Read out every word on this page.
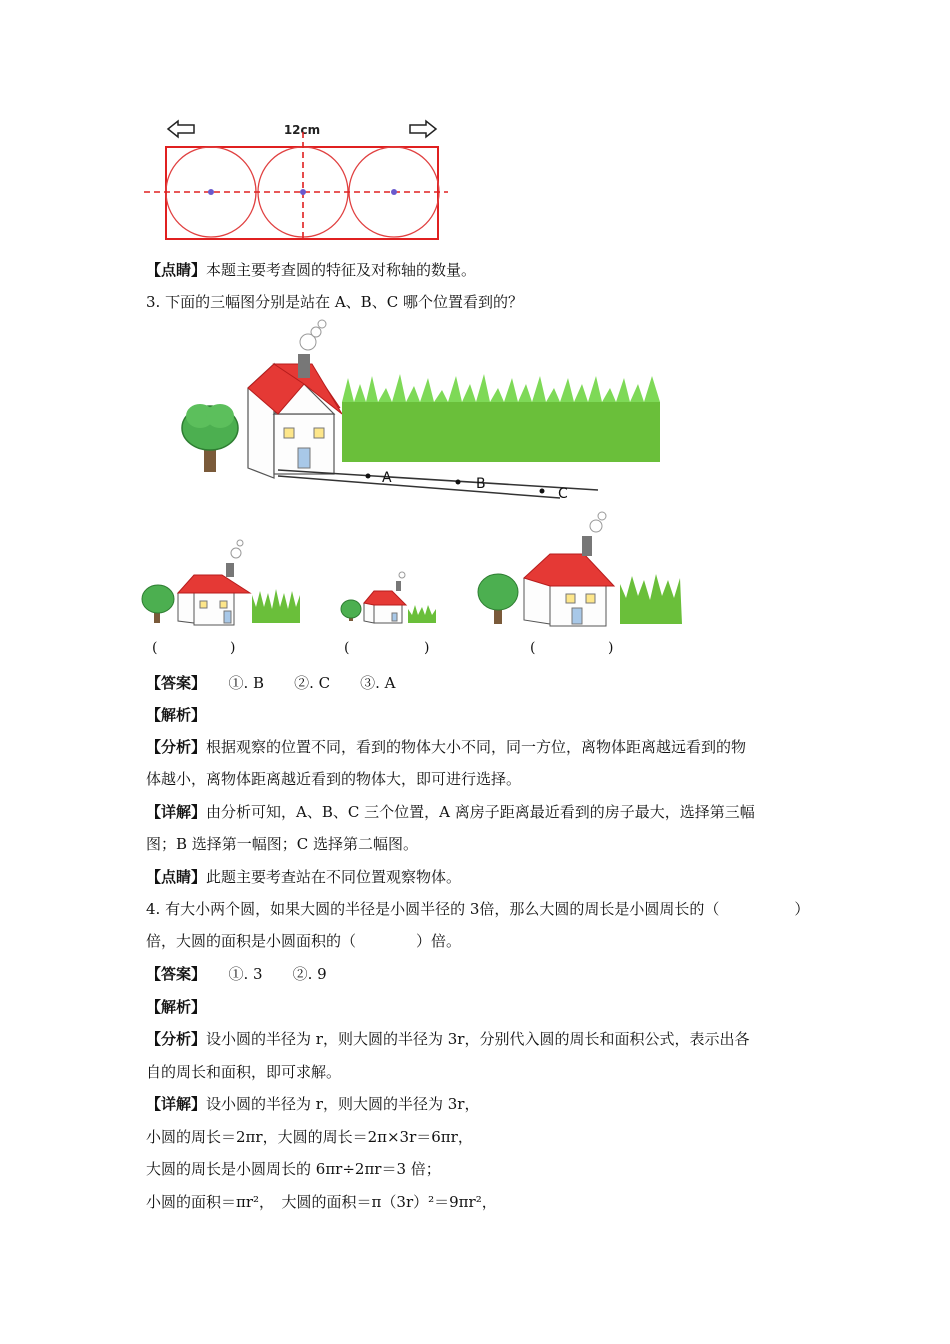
12cm
【点睛】本题主要考查圆的特征及对称轴的数量。
3. 下面的三幅图分别是站在 A、B、C 哪个位置看到的？
A	B
C
(	)	(	)	(	)
【答案】　　①. B　　②. C　　③. A
【解析】
【分析】根据观察的位置不同，看到的物体大小不同，同一方位，离物体距离越远看到的物
体越小，离物体距离越近看到的物体大，即可进行选择。
【详解】由分析可知，A、B、C 三个位置，A 离房子距离最近看到的房子最大，选择第三幅
图；B 选择第一幅图；C 选择第二幅图。
【点睛】此题主要考查站在不同位置观察物体。
4. 有大小两个圆，如果大圆的半径是小圆半径的 3倍，那么大圆的周长是小圆周长的（　　　　　）
倍，大圆的面积是小圆面积的（　　　　）倍。
【答案】　　①. 3　　②. 9
【解析】
【分析】设小圆的半径为 r，则大圆的半径为 3r，分别代入圆的周长和面积公式，表示出各
自的周长和面积，即可求解。
【详解】设小圆的半径为 r，则大圆的半径为 3r，
小圆的周长＝2πr，大圆的周长＝2π×3r＝6πr，
大圆的周长是小圆周长的 6πr÷2πr＝3 倍；
小圆的面积＝πr²，　大圆的面积＝π（3r）²＝9πr²，
